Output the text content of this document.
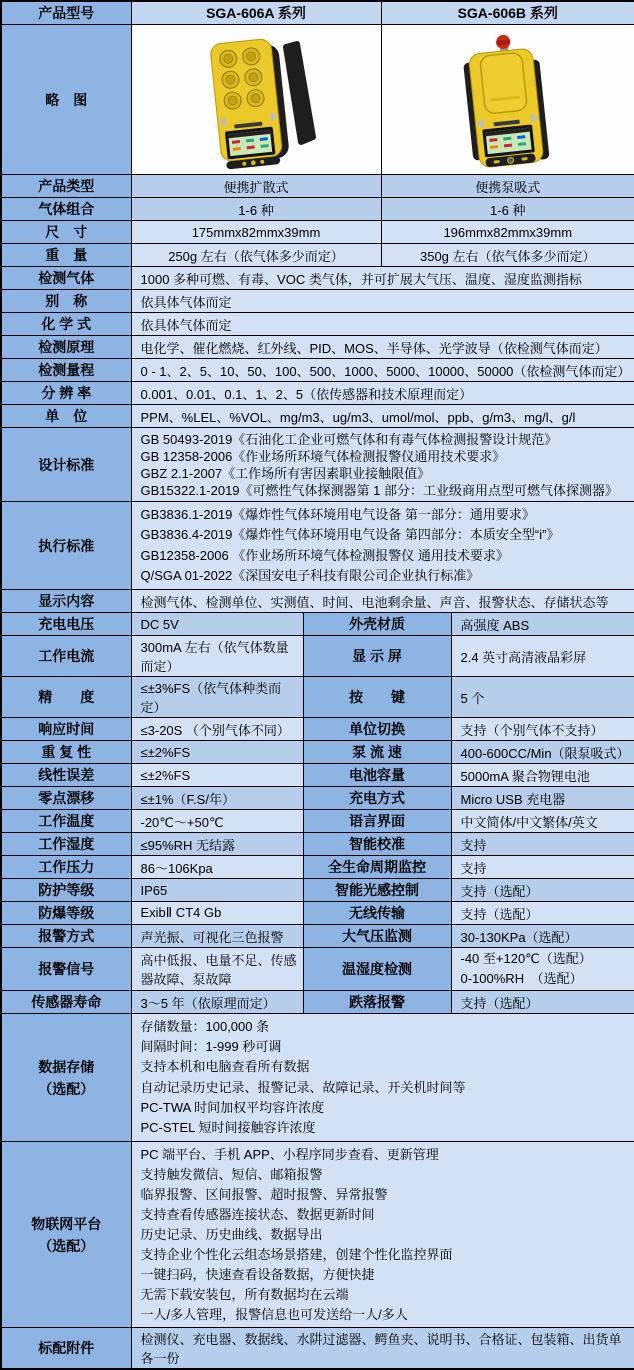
产品型号	SGA-606A 系列		SGA-606B 系列	
略　图		
产品类型	便携扩散式		便携泵吸式	
气体组合	1-6 种		1-6 种	
尺　寸	175mmx82mmx39mm		196mmx82mmx39mm	
重　量	250g 左右（依气体多少而定）		350g 左右（依气体多少而定）	
检测气体	1000 多种可燃、有毒、VOC 类气体，并可扩展大气压、温度、湿度监测指标			
别　称	依具体气体而定			
化 学 式	依具体气体而定			
检测原理	电化学、催化燃烧、红外线、PID、MOS、半导体、光学波导（依检测气体而定）			
检测量程	0 - 1、2、5、10、50、100、500、1000、5000、10000、50000（依检测气体而定）			
分 辨 率	0.001、0.01、0.1、1、2、5（依传感器和技术原理而定）			
单　位	PPM、%LEL、%VOL、mg/m3、ug/m3、umol/mol、ppb、g/m3、mg/l、g/l			
设计标准	GB 50493-2019《石油化工企业可燃气体和有毒气体检测报警设计规范》
GB 12358-2006《作业场所环境气体检测报警仪通用技术要求》
GBZ 2.1-2007《工作场所有害因素职业接触限值》
GB15322.1-2019《可燃性气体探测器第 1 部分：工业级商用点型可燃气体探测器》			

执行标准	GB3836.1-2019《爆炸性气体环境用电气设备 第一部分：通用要求》
GB3836.4-2019《爆炸性气体环境用电气设备 第四部分：本质安全型“i”》
GB12358-2006 《作业场所环境气体检测报警仪 通用技术要求》
Q/SGA 01-2022《深国安电子科技有限公司企业执行标准》			

显示内容	检测气体、检测单位、实测值、时间、电池剩余量、声音、报警状态、存储状态等			
充电电压	DC 5V	外壳材质		高强度 ABS
工作电流	300mA 左右（依气体数量而定）	显 示 屏		2.4 英寸高清液晶彩屏
精　　度	≤±3%FS（依气体种类而定）	按　　键		5 个
响应时间	≤3-20S （个别气体不同）	单位切换		支持（个别气体不支持）
重 复 性	≤±2%FS	泵 流 速		400-600CC/Min（限泵吸式）
线性误差	≤±2%FS	电池容量		5000mA 聚合物锂电池
零点漂移	≤±1%（F.S/年）	充电方式		Micro USB 充电器
工作温度	-20℃～+50℃	语言界面		中文简体/中文繁体/英文
工作湿度	≤95%RH 无结露	智能校准		支持
工作压力	86～106Kpa	全生命周期监控		支持
防护等级	IP65	智能光感控制		支持（选配）
防爆等级	ExibⅡ CT4 Gb	无线传输		支持（选配）
报警方式	声光振、可视化三色报警	大气压监测		30-130KPa（选配）
报警信号	高中低报、电量不足、传感器故障、泵故障	温湿度检测		-40 至+120℃（选配）
0-100%RH　（选配）

传感器寿命	3～5 年（依原理而定）	跌落报警		支持（选配）

数据存储
（选配）

存储数量：100,000 条
间隔时间：1-999 秒可调
支持本机和电脑查看所有数据
自动记录历史记录、报警记录、故障记录、开关机时间等
PC-TWA 时间加权平均容许浓度
PC-STEL 短时间接触容许浓度

物联网平台
（选配）

PC 端平台、手机 APP、小程序同步查看、更新管理
支持触发微信、短信、邮箱报警
临界报警、区间报警、超时报警、异常报警
支持查看传感器连接状态、数据更新时间
历史记录、历史曲线、数据导出
支持企业个性化云组态场景搭建，创建个性化监控界面
一键扫码，快速查看设备数据，方便快捷
无需下载安装包，所有数据均在云端
一人/多人管理，报警信息也可发送给一人/多人

标配附件	检测仪、充电器、数据线、水阱过滤器、鳄鱼夹、说明书、合格证、包装箱、出货单各一份			
